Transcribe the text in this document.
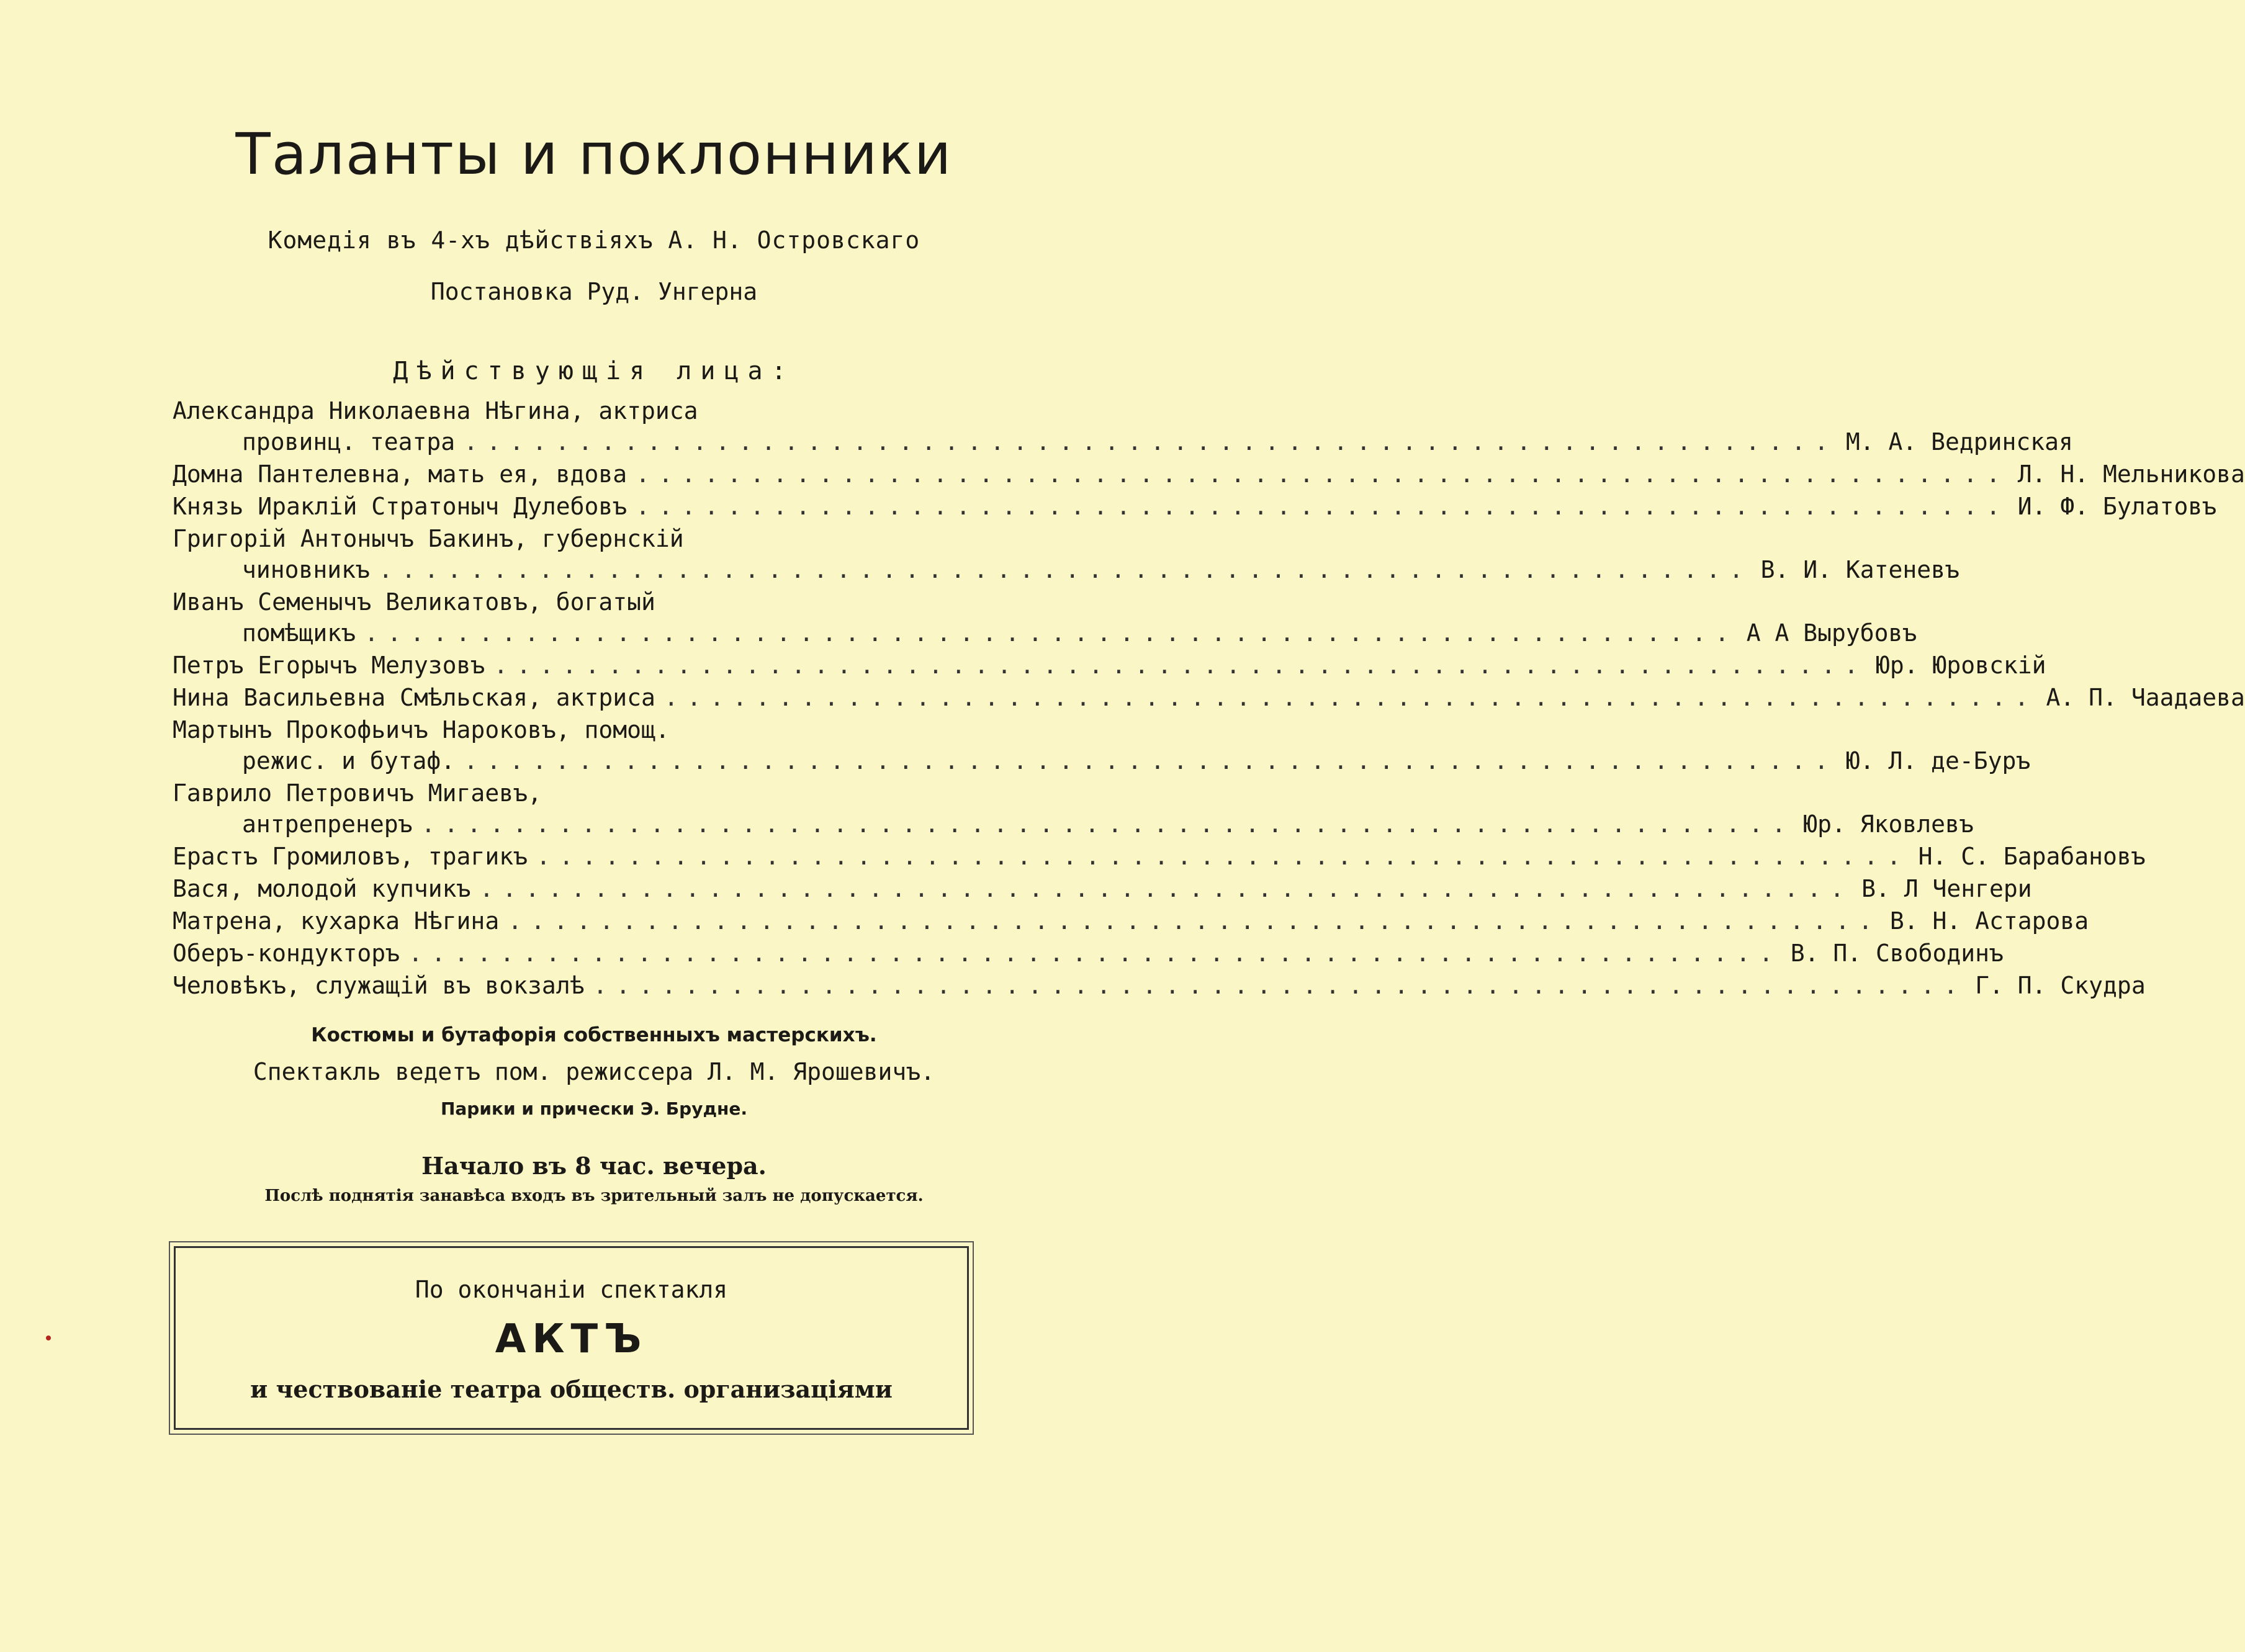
Таланты и поклонники
Комедія въ 4-хъ дѣйствіяхъ А. Н. Островскаго
Постановка Руд. Унгерна
Дѣйствующія лица:
Александра Николаевна Нѣгина, актриса
провинц. театра ............................................................ М. А. Ведринская
Домна Пантелевна, мать ея, вдова ............................................................ Л. Н. Мельникова
Князь Ираклій Стратоныч Дулебовъ ............................................................ И. Ф. Булатовъ
Григорій Антонычъ Бакинъ, губернскій
чиновникъ ............................................................ В. И. Катеневъ
Иванъ Семенычъ Великатовъ, богатый
помѣщикъ ............................................................ А А Вырубовъ
Петръ Егорычъ Мелузовъ ............................................................ Юр. Юровскій
Нина Васильевна Смѣльская, актриса ............................................................ А. П. Чаадаева
Мартынъ Прокофьичъ Нароковъ, помощ.
режис. и бутаф. ............................................................ Ю. Л. де-Буръ
Гаврило Петровичъ Мигаевъ,
антрепренеръ ............................................................ Юр. Яковлевъ
Ерастъ Громиловъ, трагикъ ............................................................ Н. С. Барабановъ
Вася, молодой купчикъ ............................................................ В. Л Ченгери
Матрена, кухарка Нѣгина ............................................................ В. Н. Астарова
Оберъ-кондукторъ ............................................................ В. П. Свободинъ
Человѣкъ, служащій въ вокзалѣ ............................................................ Г. П. Скудра
Костюмы и бутафорія собственныхъ мастерскихъ.
Спектакль ведетъ пом. режиссера Л. М. Ярошевичъ.
Парики и прически Э. Брудне.
Начало въ 8 час. вечера.
Послѣ поднятія занавѣса входъ въ зрительный залъ не допускается.
По окончаніи спектакля
АКТЪ
и чествованіе театра обществ. организаціями
